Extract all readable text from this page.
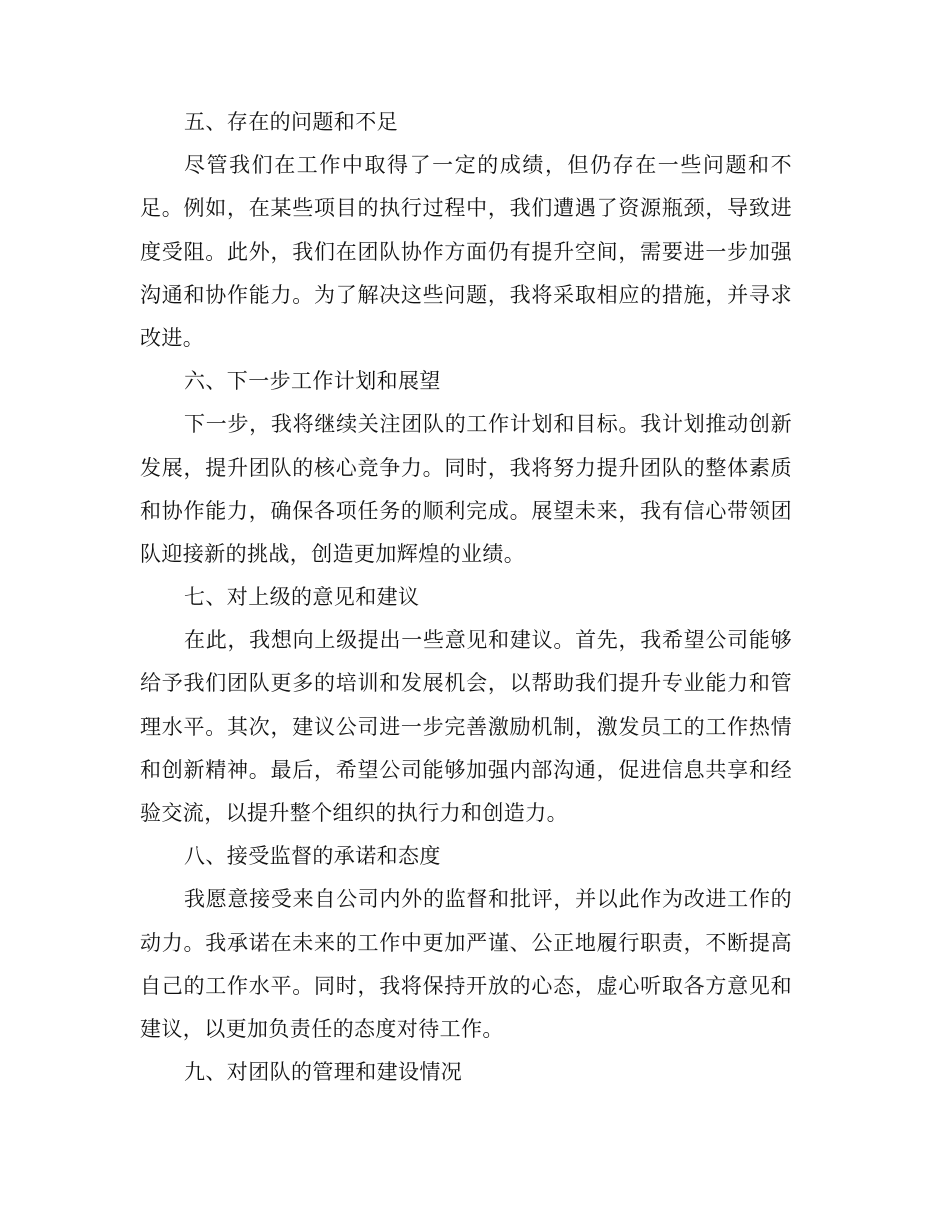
五、存在的问题和不足
尽管我们在工作中取得了一定的成绩，但仍存在一些问题和不
足。例如，在某些项目的执行过程中，我们遭遇了资源瓶颈，导致进
度受阻。此外，我们在团队协作方面仍有提升空间，需要进一步加强
沟通和协作能力。为了解决这些问题，我将采取相应的措施，并寻求
改进。
六、下一步工作计划和展望
下一步，我将继续关注团队的工作计划和目标。我计划推动创新
发展，提升团队的核心竞争力。同时，我将努力提升团队的整体素质
和协作能力，确保各项任务的顺利完成。展望未来，我有信心带领团
队迎接新的挑战，创造更加辉煌的业绩。
七、对上级的意见和建议
在此，我想向上级提出一些意见和建议。首先，我希望公司能够
给予我们团队更多的培训和发展机会，以帮助我们提升专业能力和管
理水平。其次，建议公司进一步完善激励机制，激发员工的工作热情
和创新精神。最后，希望公司能够加强内部沟通，促进信息共享和经
验交流，以提升整个组织的执行力和创造力。
八、接受监督的承诺和态度
我愿意接受来自公司内外的监督和批评，并以此作为改进工作的
动力。我承诺在未来的工作中更加严谨、公正地履行职责，不断提高
自己的工作水平。同时，我将保持开放的心态，虚心听取各方意见和
建议，以更加负责任的态度对待工作。
九、对团队的管理和建设情况
